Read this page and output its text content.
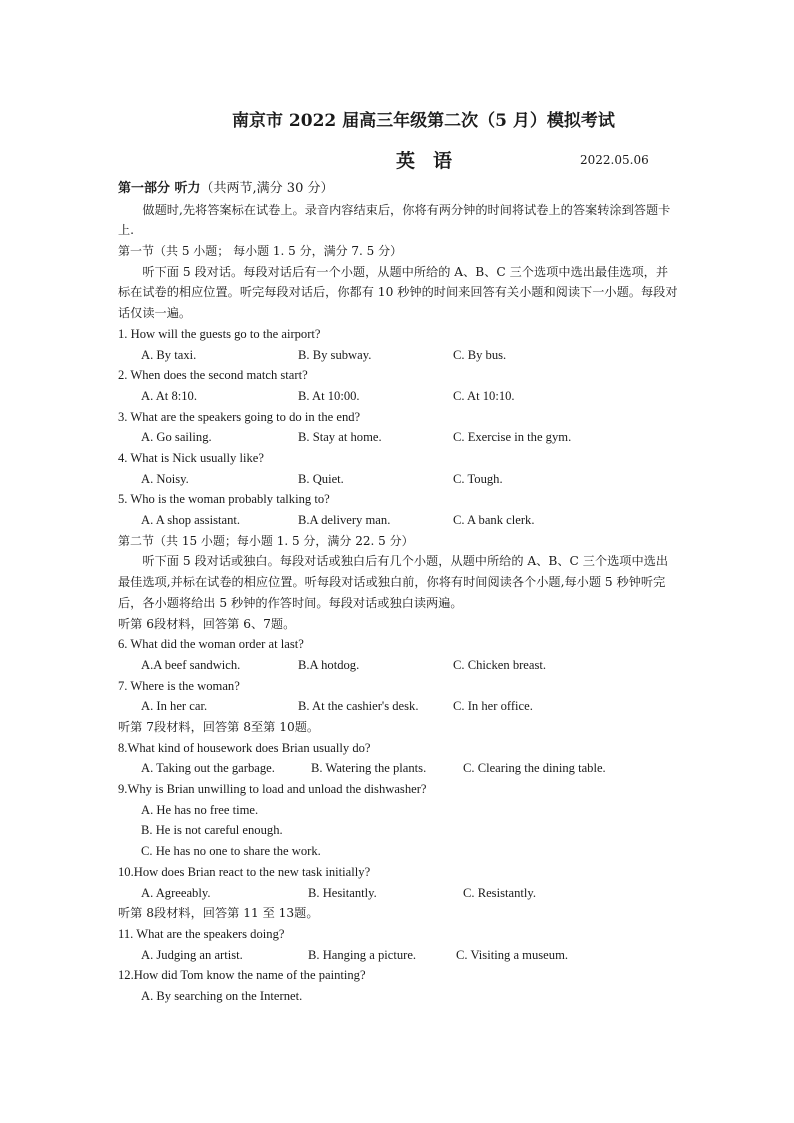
南京市 2022 届高三年级第二次（5 月）模拟考试
英语	2022.05.06
第一部分 听力（共两节,满分 30 分）
做题时,先将答案标在试卷上。录音内容结束后，你将有两分钟的时间将试卷上的答案转涂到答题卡上.
第一节（共 5 小题； 每小题 1. 5 分，满分 7. 5 分）
听下面 5 段对话。每段对话后有一个小题，从题中所给的 A、B、C 三个选项中选出最佳选项，并标在试卷的相应位置。听完每段对话后，你都有 10 秒钟的时间来回答有关小题和阅读下一小题。每段对话仅读一遍。
1. How will the guests go to the airport?
A. By taxi.	B. By subway.	C. By bus.
2. When does the second match start?
A. At 8:10.	B. At 10:00.	C. At 10:10.
3. What are the speakers going to do in the end?
A. Go sailing.	B. Stay at home.	C. Exercise in the gym.
4. What is Nick usually like?
A. Noisy.	B. Quiet.	C. Tough.
5. Who is the woman probably talking to?
A. A shop assistant.	B.A delivery man.	C. A bank clerk.
第二节（共 15 小题；每小题 1. 5 分，满分 22. 5 分）
听下面 5 段对话或独白。每段对话或独白后有几个小题，从题中所给的 A、B、C 三个选项中选出最佳选项,并标在试卷的相应位置。听每段对话或独白前，你将有时间阅读各个小题,每小题 5 秒钟听完后，各小题将给出 5 秒钟的作答时间。每段对话或独白读两遍。
听第 6段材料，回答第 6、7题。
6. What did the woman order at last?
A.A beef sandwich.	B.A hotdog.	C. Chicken breast.
7. Where is the woman?
A. In her car.	B. At the cashier's desk.	C. In her office.
听第 7段材料，回答第 8至第 10题。
8.What kind of housework does Brian usually do?
A. Taking out the garbage.	B. Watering the plants.	C. Clearing the dining table.
9.Why is Brian unwilling to load and unload the dishwasher?
A. He has no free time.
B. He is not careful enough.
C. He has no one to share the work.
10.How does Brian react to the new task initially?
A. Agreeably.	B. Hesitantly.	C. Resistantly.
听第 8段材料，回答第 11 至 13题。
11. What are the speakers doing?
A. Judging an artist.	B. Hanging a picture.	C. Visiting a museum.
12.How did Tom know the name of the painting?
A. By searching on the Internet.
